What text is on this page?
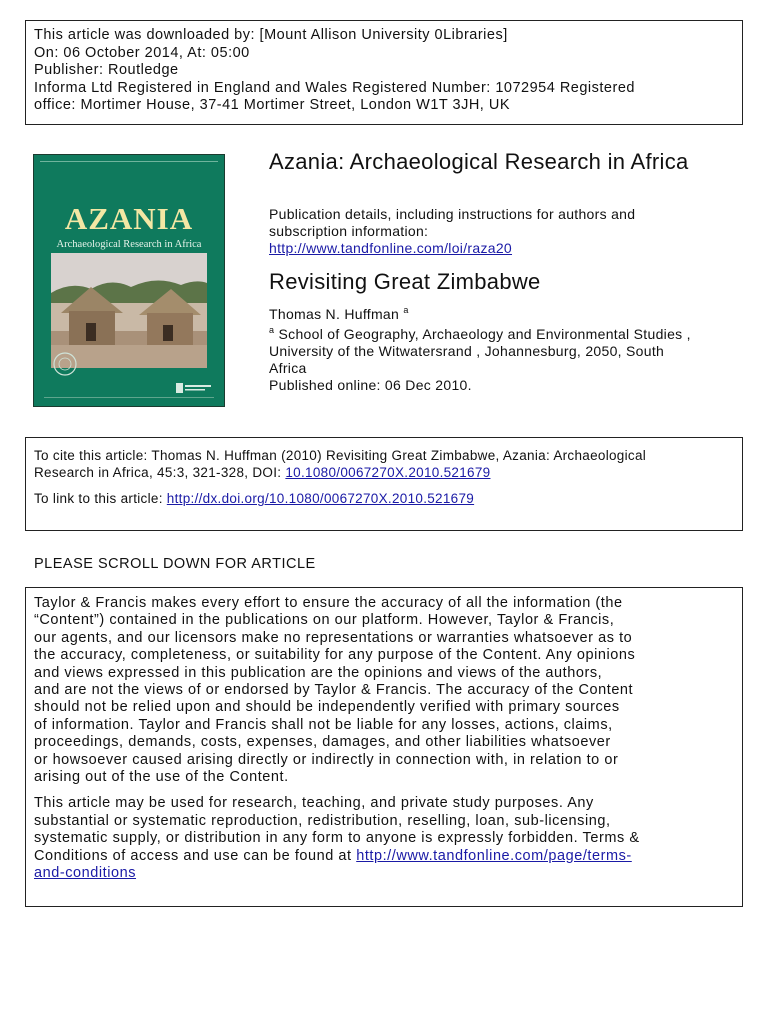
This article was downloaded by: [Mount Allison University 0Libraries]
On: 06 October 2014, At: 05:00
Publisher: Routledge
Informa Ltd Registered in England and Wales Registered Number: 1072954 Registered
office: Mortimer House, 37-41 Mortimer Street, London W1T 3JH, UK
AZANIA
Archaeological Research in Africa
Azania: Archaeological Research in Africa
Publication details, including instructions for authors and
subscription information:
http://www.tandfonline.com/loi/raza20
Revisiting Great Zimbabwe
Thomas N. Huffman $^a$
$^a$ School of Geography, Archaeology and Environmental Studies ,
University of the Witwatersrand , Johannesburg, 2050, South
Africa
Published online: 06 Dec 2010.
To cite this article: Thomas N. Huffman (2010) Revisiting Great Zimbabwe, Azania: Archaeological
Research in Africa, 45:3, 321-328, DOI: 10.1080/0067270X.2010.521679
To link to this article: http://dx.doi.org/10.1080/0067270X.2010.521679
PLEASE SCROLL DOWN FOR ARTICLE
Taylor & Francis makes every effort to ensure the accuracy of all the information (the
“Content”) contained in the publications on our platform. However, Taylor & Francis,
our agents, and our licensors make no representations or warranties whatsoever as to
the accuracy, completeness, or suitability for any purpose of the Content. Any opinions
and views expressed in this publication are the opinions and views of the authors,
and are not the views of or endorsed by Taylor & Francis. The accuracy of the Content
should not be relied upon and should be independently verified with primary sources
of information. Taylor and Francis shall not be liable for any losses, actions, claims,
proceedings, demands, costs, expenses, damages, and other liabilities whatsoever
or howsoever caused arising directly or indirectly in connection with, in relation to or
arising out of the use of the Content.
This article may be used for research, teaching, and private study purposes. Any
substantial or systematic reproduction, redistribution, reselling, loan, sub-licensing,
systematic supply, or distribution in any form to anyone is expressly forbidden. Terms &
Conditions of access and use can be found at http://www.tandfonline.com/page/terms-
and-conditions
